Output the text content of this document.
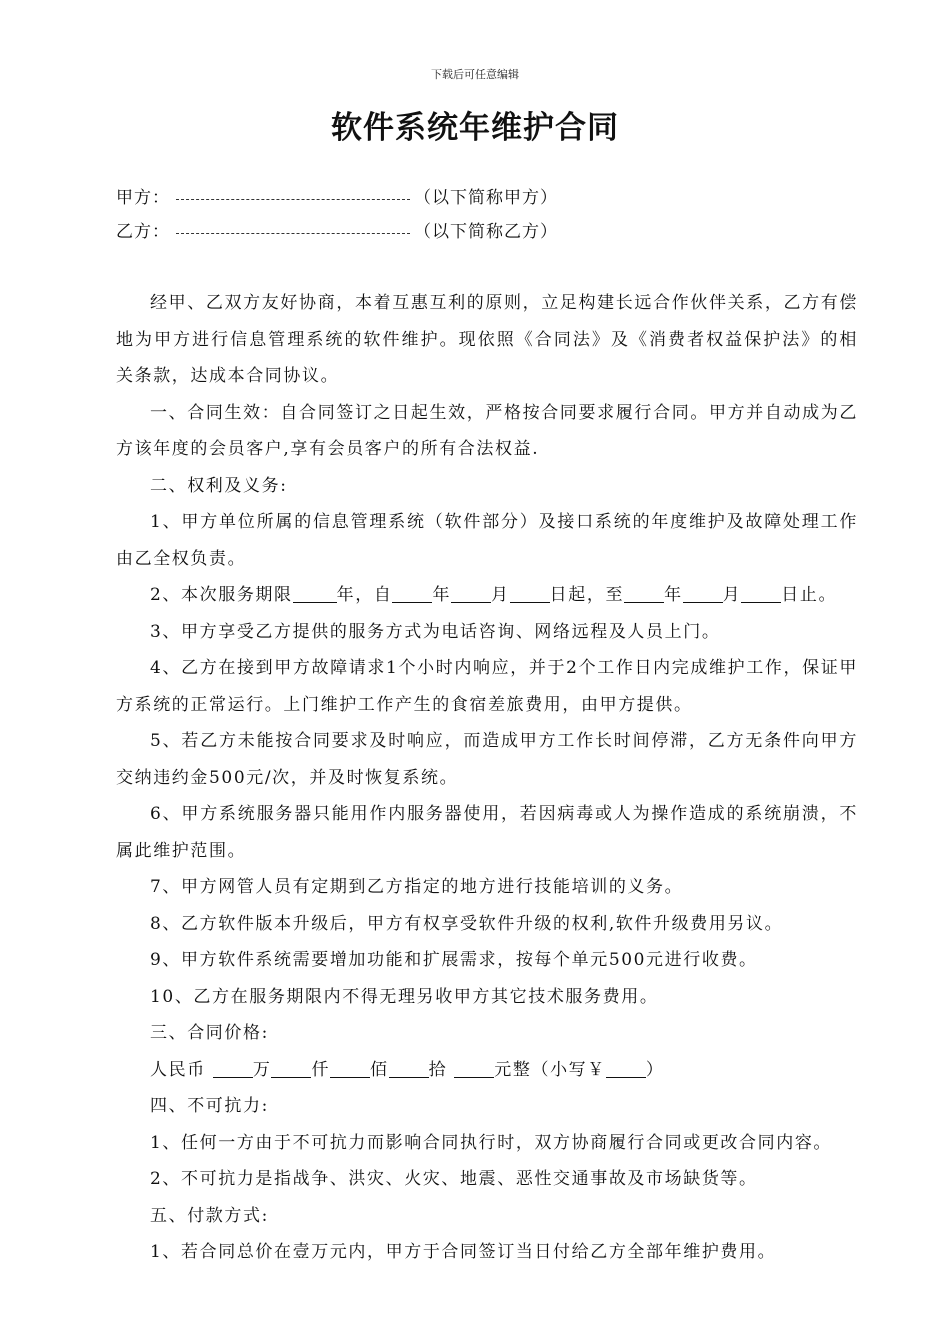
下载后可任意编辑
软件系统年维护合同
甲方：	（以下简称甲方）
乙方：	（以下简称乙方）

经甲、乙双方友好协商，本着互惠互利的原则，立足构建长远合作伙伴关系，乙方有偿地为甲方进行信息管理系统的软件维护。现依照《合同法》及《消费者权益保护法》的相关条款，达成本合同协议。

一、合同生效：自合同签订之日起生效，严格按合同要求履行合同。甲方并自动成为乙方该年度的会员客户,享有会员客户的所有合法权益.

二、权利及义务:

1、甲方单位所属的信息管理系统（软件部分）及接口系统的年度维护及故障处理工作由乙全权负责。

2、本次服务期限	年，自 年 月 日起，至 年 月 日止。

3、甲方享受乙方提供的服务方式为电话咨询、网络远程及人员上门。

4、乙方在接到甲方故障请求1个小时内响应，并于2个工作日内完成维护工作，保证甲方系统的正常运行。上门维护工作产生的食宿差旅费用，由甲方提供。

5、若乙方未能按合同要求及时响应，而造成甲方工作长时间停滞，乙方无条件向甲方交纳违约金500元/次，并及时恢复系统。

6、甲方系统服务器只能用作内服务器使用，若因病毒或人为操作造成的系统崩溃，不属此维护范围。

7、甲方网管人员有定期到乙方指定的地方进行技能培训的义务。

8、乙方软件版本升级后，甲方有权享受软件升级的权利,软件升级费用另议。

9、甲方软件系统需要增加功能和扩展需求，按每个单元500元进行收费。

10、乙方在服务期限内不得无理另收甲方其它技术服务费用。

三、合同价格:

人民币	万 仟 佰 拾	元整（小写￥ ）

四、不可抗力:

1、任何一方由于不可抗力而影响合同执行时，双方协商履行合同或更改合同内容。

2、不可抗力是指战争、洪灾、火灾、地震、恶性交通事故及市场缺货等。

五、付款方式:

1、若合同总价在壹万元内，甲方于合同签订当日付给乙方全部年维护费用。
